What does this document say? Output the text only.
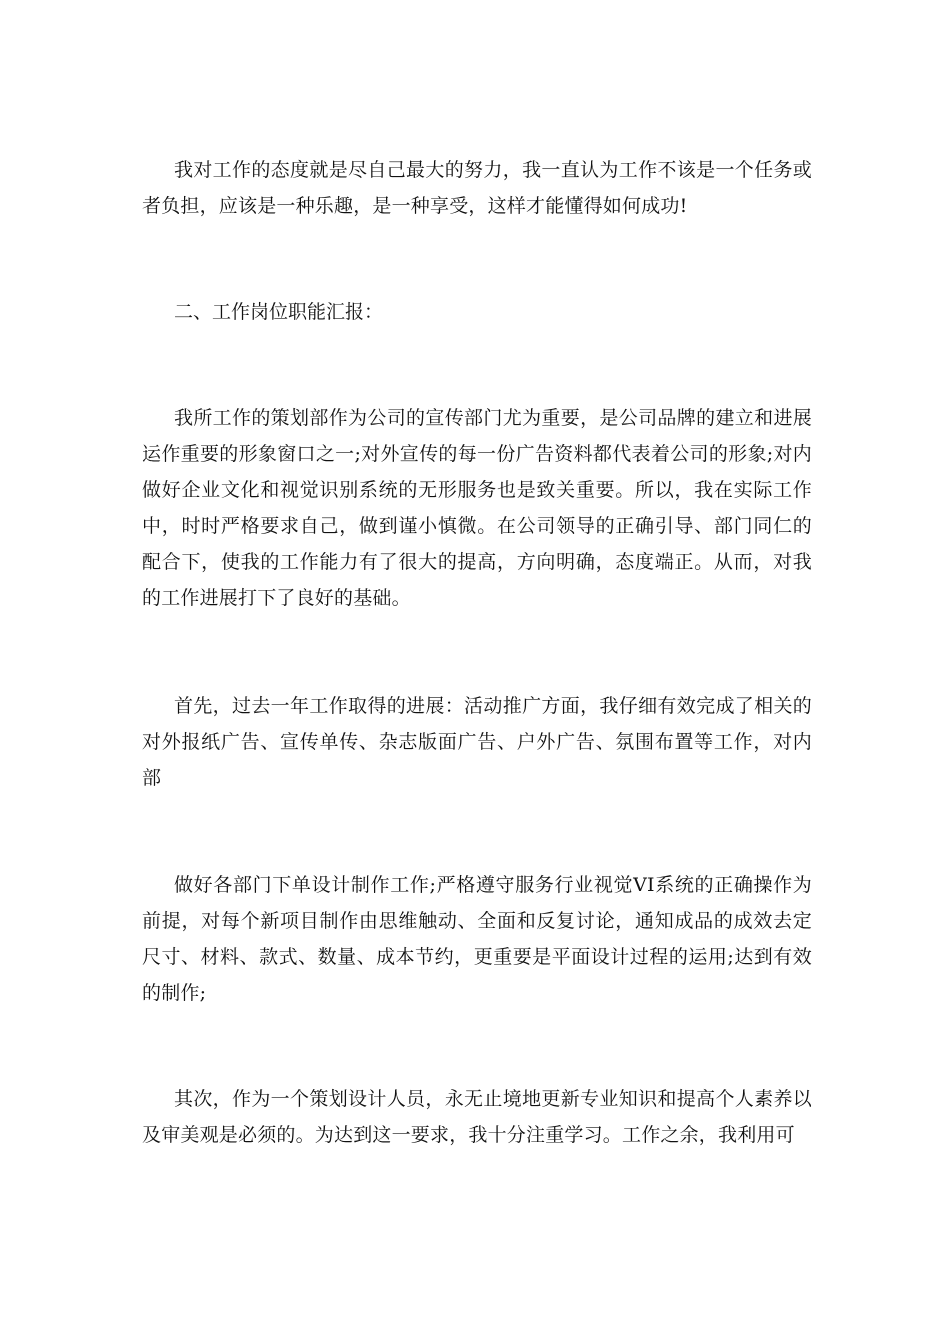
我对工作的态度就是尽自己最大的努力，我一直认为工作不该是一个任务或者负担，应该是一种乐趣，是一种享受，这样才能懂得如何成功!

二、工作岗位职能汇报：

我所工作的策划部作为公司的宣传部门尤为重要，是公司品牌的建立和进展运作重要的形象窗口之一;对外宣传的每一份广告资料都代表着公司的形象;对内做好企业文化和视觉识别系统的无形服务也是致关重要。所以，我在实际工作中，时时严格要求自己，做到谨小慎微。在公司领导的正确引导、部门同仁的配合下，使我的工作能力有了很大的提高，方向明确，态度端正。从而，对我的工作进展打下了良好的基础。

首先，过去一年工作取得的进展：活动推广方面，我仔细有效完成了相关的对外报纸广告、宣传单传、杂志版面广告、户外广告、氛围布置等工作，对内部

做好各部门下单设计制作工作;严格遵守服务行业视觉VI系统的正确操作为前提，对每个新项目制作由思维触动、全面和反复讨论，通知成品的成效去定尺寸、材料、款式、数量、成本节约，更重要是平面设计过程的运用;达到有效的制作;

其次，作为一个策划设计人员，永无止境地更新专业知识和提高个人素养以及审美观是必须的。为达到这一要求，我十分注重学习。工作之余，我利用可
